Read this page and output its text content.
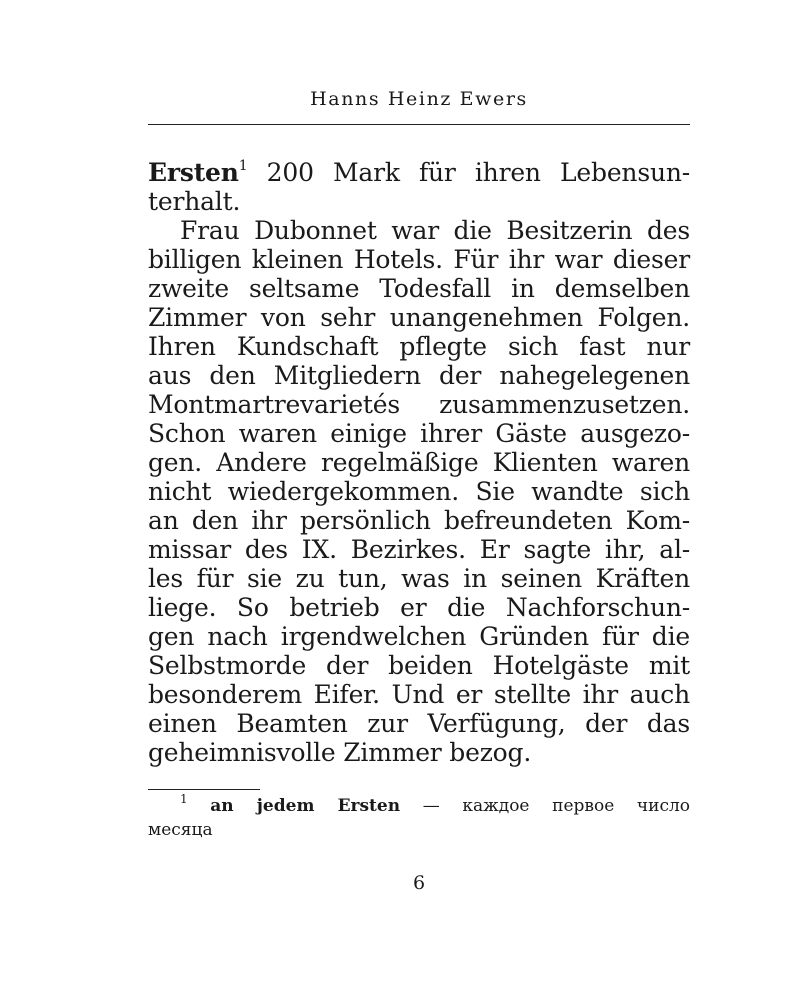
Hanns Heinz Ewers
Ersten$^1$ 200 Mark für ihren Lebensun-
terhalt.
Frau Dubonnet war die Besitzerin des
billigen kleinen Hotels. Für ihr war dieser
zweite seltsame Todesfall in demselben
Zimmer von sehr unangenehmen Folgen.
Ihren Kundschaft pflegte sich fast nur
aus den Mitgliedern der nahegelegenen
Montmartrevarietés zusammenzusetzen.
Schon waren einige ihrer Gäste ausgezo-
gen. Andere regelmäßige Klienten waren
nicht wiedergekommen. Sie wandte sich
an den ihr persönlich befreundeten Kom-
missar des IX. Bezirkes. Er sagte ihr, al-
les für sie zu tun, was in seinen Kräften
liege. So betrieb er die Nachforschun-
gen nach irgendwelchen Gründen für die
Selbstmorde der beiden Hotelgäste mit
besonderem Eifer. Und er stellte ihr auch
einen Beamten zur Verfügung, der das
geheimnisvolle Zimmer bezog.
$^1$ an jedem Ersten — каждое первое число
месяца
6
